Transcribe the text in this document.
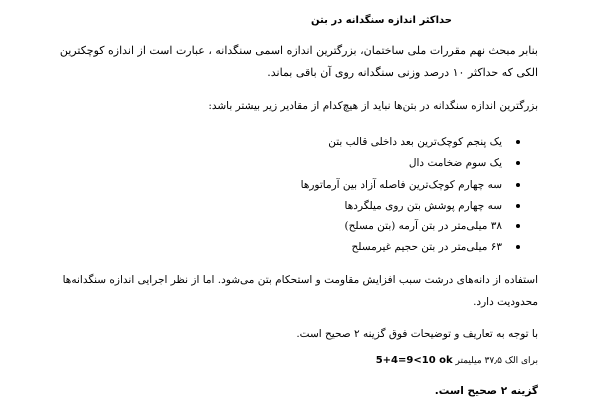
حداکثر اندازه سنگدانه در بتن
بنابر مبحث نهم مقررات ملی ساختمان، بزرگترین اندازه اسمی سنگدانه ، عبارت است از اندازه کوچکترین
الکی که حداکثر ۱۰ درصد وزنی سنگدانه روی آن باقی بماند.
بزرگترین اندازه سنگدانه در بتن‌ها نباید از هیچ‌کدام از مقادیر زیر بیشتر باشد:
یک پنجم کوچک‌ترین بعد داخلی قالب بتن
یک سوم ضخامت دال
سه چهارم کوچک‌ترین فاصله آزاد بین آرماتورها
سه چهارم پوشش بتن روی میلگردها
۳۸ میلی‌متر در بتن آرمه (بتن مسلح)
۶۳ میلی‌متر در بتن حجیم غیرمسلح
استفاده از دانه‌های درشت سبب افزایش مقاومت و استحکام بتن می‌شود. اما از نظر اجرایی اندازه سنگدانه‌ها
محدودیت دارد.
با توجه به تعاریف و توضیحات فوق گزینه ۲ صحیح است.
برای الک ۳۷٫۵ میلیمتر 5+4=9<10 ok
گزینه ۲ صحیح است.
